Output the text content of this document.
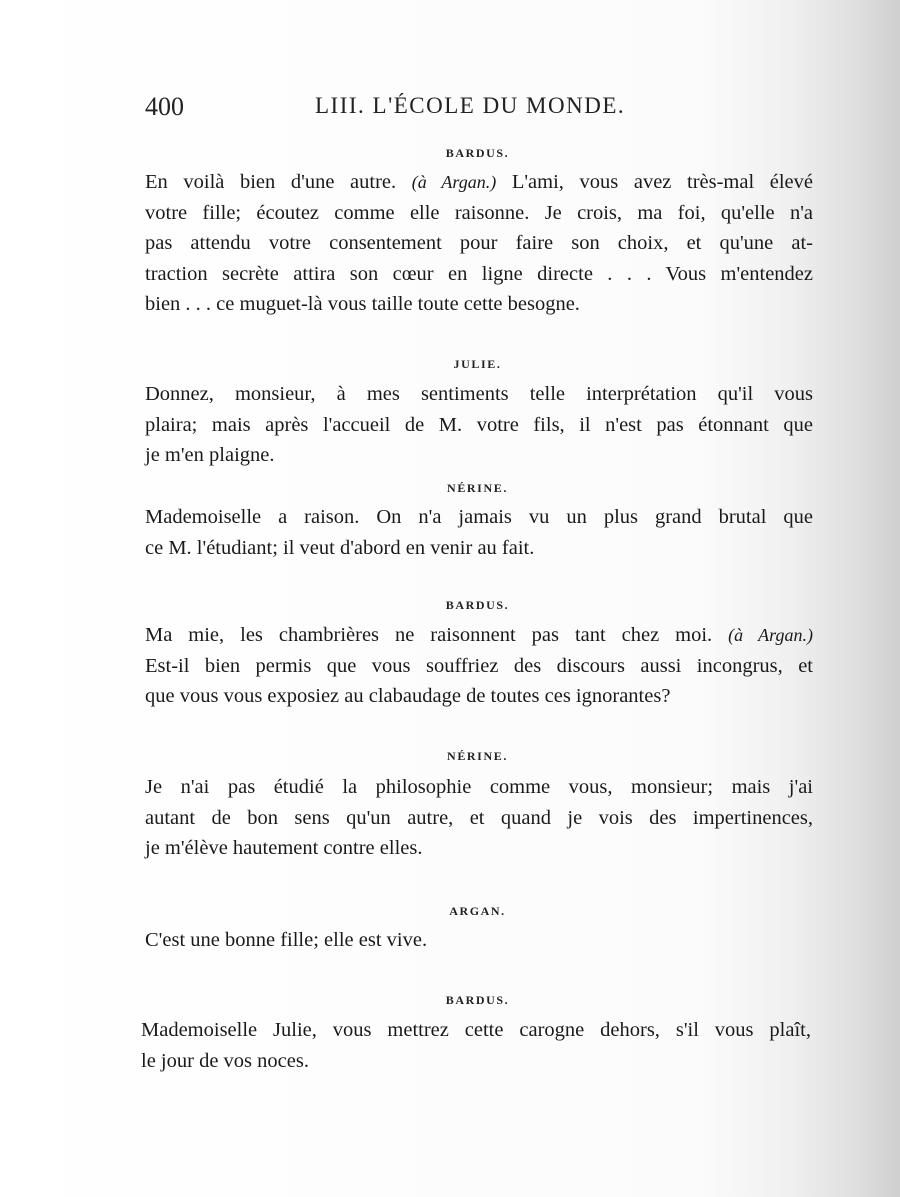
400	LIII. L'ÉCOLE DU MONDE.
BARDUS.
En voilà bien d'une autre. (à Argan.) L'ami, vous avez très-mal élevé
votre fille; écoutez comme elle raisonne. Je crois, ma foi, qu'elle n'a
pas attendu votre consentement pour faire son choix, et qu'une at-
traction secrète attira son cœur en ligne directe . . . Vous m'entendez
bien . . . ce muguet-là vous taille toute cette besogne.
JULIE.
Donnez, monsieur, à mes sentiments telle interprétation qu'il vous
plaira; mais après l'accueil de M. votre fils, il n'est pas étonnant que
je m'en plaigne.
NÉRINE.
Mademoiselle a raison. On n'a jamais vu un plus grand brutal que
ce M. l'étudiant; il veut d'abord en venir au fait.
BARDUS.
Ma mie, les chambrières ne raisonnent pas tant chez moi. (à Argan.)
Est-il bien permis que vous souffriez des discours aussi incongrus, et
que vous vous exposiez au clabaudage de toutes ces ignorantes?
NÉRINE.
Je n'ai pas étudié la philosophie comme vous, monsieur; mais j'ai
autant de bon sens qu'un autre, et quand je vois des impertinences,
je m'élève hautement contre elles.
ARGAN.
C'est une bonne fille; elle est vive.
BARDUS.
Mademoiselle Julie, vous mettrez cette carogne dehors, s'il vous plaît,
le jour de vos noces.
